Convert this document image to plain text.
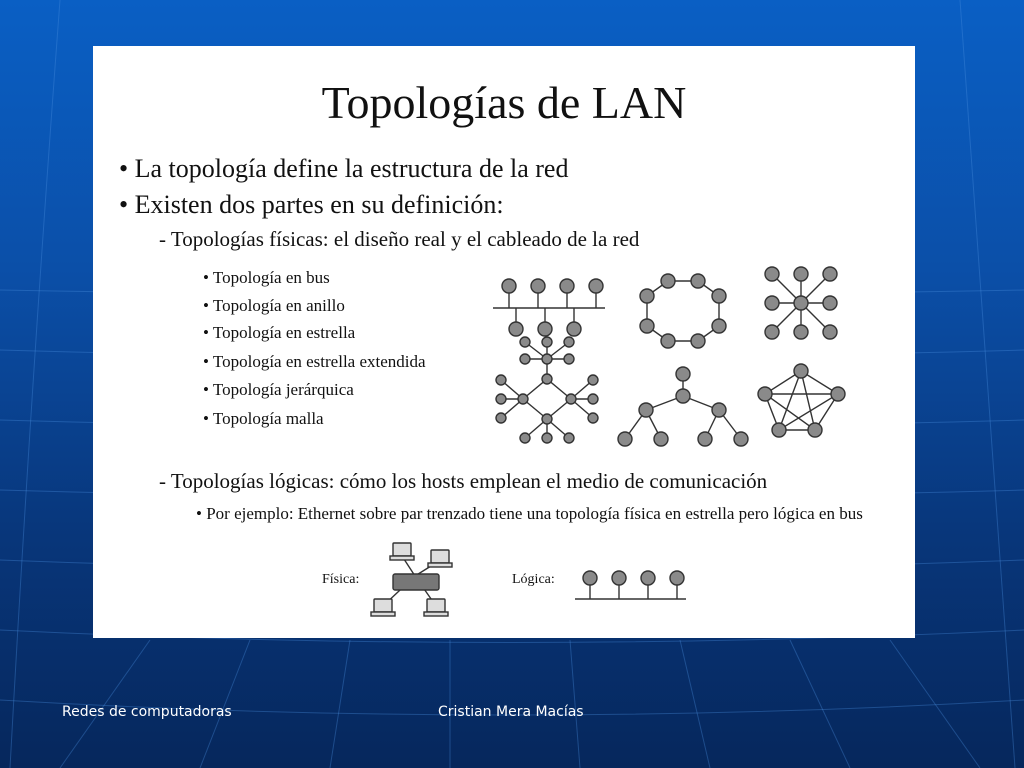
Topologías de LAN
• La topología define la estructura de la red
• Existen dos partes en su definición:
- Topologías físicas: el diseño real y el cableado de la red
• Topología en bus
• Topología en anillo
• Topología en estrella
• Topología en estrella extendida
• Topología jerárquica
• Topología malla
- Topologías lógicas: cómo los hosts emplean el medio de comunicación
• Por ejemplo: Ethernet sobre par trenzado tiene una topología física en estrella pero lógica en bus
Física:	Lógica:
Redes de computadoras	Cristian Mera Macías
